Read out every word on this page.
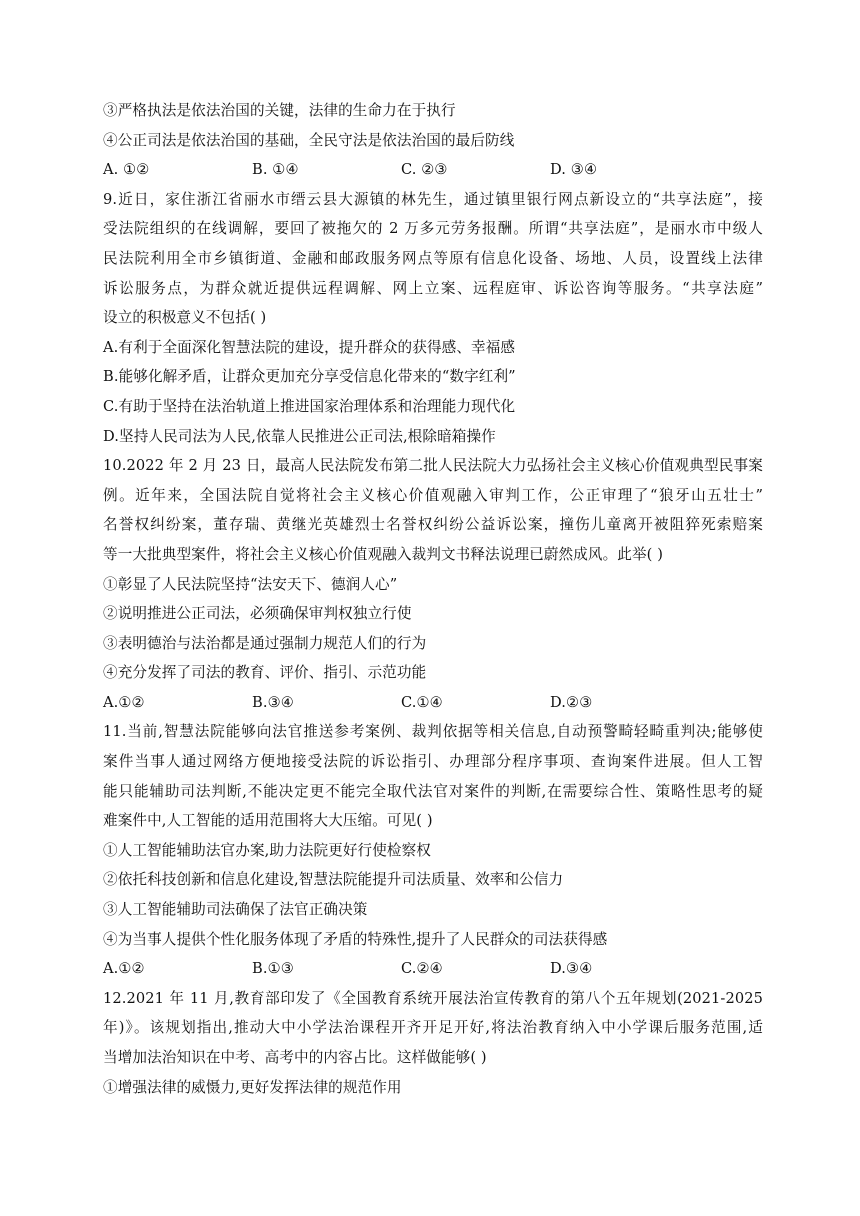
③严格执法是依法治国的关键，法律的生命力在于执行
④公正司法是依法治国的基础，全民守法是依法治国的最后防线
A. ①②	B. ①④	C. ②③	D. ③④
9.近日，家住浙江省丽水市缙云县大源镇的林先生，通过镇里银行网点新设立的“共享法庭”，接
受法院组织的在线调解，要回了被拖欠的 2 万多元劳务报酬。所谓“共享法庭”，是丽水市中级人
民法院利用全市乡镇街道、金融和邮政服务网点等原有信息化设备、场地、人员，设置线上法律
诉讼服务点，为群众就近提供远程调解、网上立案、远程庭审、诉讼咨询等服务。“共享法庭”
设立的积极意义不包括( )
A.有利于全面深化智慧法院的建设，提升群众的获得感、幸福感
B.能够化解矛盾，让群众更加充分享受信息化带来的“数字红利”
C.有助于坚持在法治轨道上推进国家治理体系和治理能力现代化
D.坚持人民司法为人民,依靠人民推进公正司法,根除暗箱操作
10.2022 年 2 月 23 日，最高人民法院发布第二批人民法院大力弘扬社会主义核心价值观典型民事案
例。近年来，全国法院自觉将社会主义核心价值观融入审判工作，公正审理了“狼牙山五壮士”
名誉权纠纷案，董存瑞、黄继光英雄烈士名誉权纠纷公益诉讼案，撞伤儿童离开被阻猝死索赔案
等一大批典型案件，将社会主义核心价值观融入裁判文书释法说理已蔚然成风。此举( )
①彰显了人民法院坚持“法安天下、德润人心”
②说明推进公正司法，必须确保审判权独立行使
③表明德治与法治都是通过强制力规范人们的行为
④充分发挥了司法的教育、评价、指引、示范功能
A.①②	B.③④	C.①④	D.②③
11.当前,智慧法院能够向法官推送参考案例、裁判依据等相关信息,自动预警畸轻畸重判决;能够使
案件当事人通过网络方便地接受法院的诉讼指引、办理部分程序事项、查询案件进展。但人工智
能只能辅助司法判断,不能决定更不能完全取代法官对案件的判断,在需要综合性、策略性思考的疑
难案件中,人工智能的适用范围将大大压缩。可见( )
①人工智能辅助法官办案,助力法院更好行使检察权
②依托科技创新和信息化建设,智慧法院能提升司法质量、效率和公信力
③人工智能辅助司法确保了法官正确决策
④为当事人提供个性化服务体现了矛盾的特殊性,提升了人民群众的司法获得感
A.①②	B.①③	C.②④	D.③④
12.2021 年 11 月,教育部印发了《全国教育系统开展法治宣传教育的第八个五年规划(2021-2025
年)》。该规划指出,推动大中小学法治课程开齐开足开好,将法治教育纳入中小学课后服务范围,适
当增加法治知识在中考、高考中的内容占比。这样做能够( )
①增强法律的威慑力,更好发挥法律的规范作用
